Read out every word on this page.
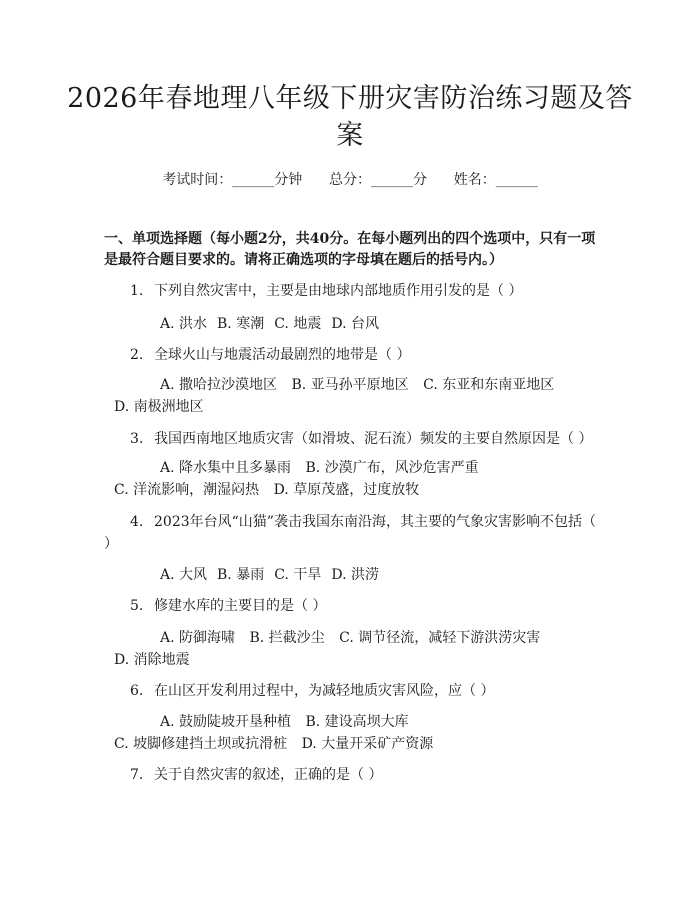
2026年春地理八年级下册灾害防治练习题及答案
考试时间：______分钟 总分：______分 姓名：______
一、单项选择题（每小题2分，共40分。在每小题列出的四个选项中，只有一项是最符合题目要求的。请将正确选项的字母填在题后的括号内。）
1. 下列自然灾害中，主要是由地球内部地质作用引发的是（ ）
A. 洪水 B. 寒潮 C. 地震 D. 台风
2. 全球火山与地震活动最剧烈的地带是（ ）
A. 撒哈拉沙漠地区 B. 亚马孙平原地区 C. 东亚和东南亚地区 D. 南极洲地区
3. 我国西南地区地质灾害（如滑坡、泥石流）频发的主要自然原因是（ ）
A. 降水集中且多暴雨 B. 沙漠广布，风沙危害严重 C. 洋流影响，潮湿闷热 D. 草原茂盛，过度放牧
4. 2023年台风“山猫”袭击我国东南沿海，其主要的气象灾害影响不包括（ ）
A. 大风 B. 暴雨 C. 干旱 D. 洪涝
5. 修建水库的主要目的是（ ）
A. 防御海啸 B. 拦截沙尘 C. 调节径流，减轻下游洪涝灾害 D. 消除地震
6. 在山区开发利用过程中，为减轻地质灾害风险，应（ ）
A. 鼓励陡坡开垦种植 B. 建设高坝大库 C. 坡脚修建挡土坝或抗滑桩 D. 大量开采矿产资源
7. 关于自然灾害的叙述，正确的是（ ）
